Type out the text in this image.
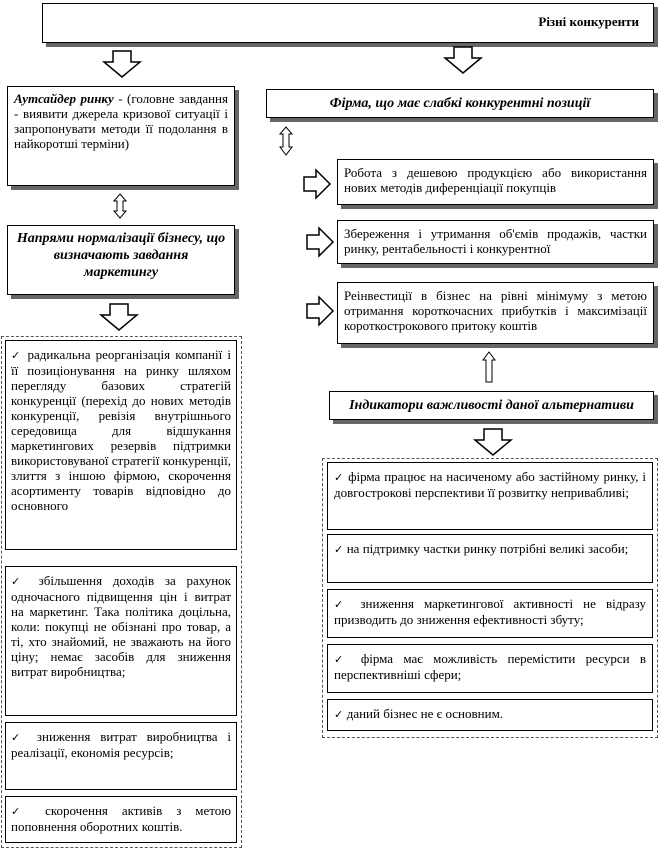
Різні конкуренти
Аутсайдер ринку - (головне завдання - виявити джерела кризової ситуації і запропонувати методи її подолання в найкоротші терміни)
Напрями нормалізації бізнесу, що визначають завдання маркетингу
✓ радикальна реорганізація компанії і її позиціонування на ринку шляхом перегляду базових стратегій конкуренції (перехід до нових методів конкуренції, ревізія внутрішнього середовища для відшукання маркетингових резервів підтримки використовуваної стратегії конкуренції, злиття з іншою фірмою, скорочення асортименту товарів відповідно до основного
✓ збільшення доходів за рахунок одночасного підвищення цін і витрат на маркетинг. Така політика доцільна, коли: покупці не обізнані про товар, а ті, хто знайомий, не зважають на його ціну; немає засобів для зниження витрат виробництва;
✓ зниження витрат виробництва і реалізації, економія ресурсів;
✓ скорочення активів з метою поповнення оборотних коштів.
Фірма, що має слабкі конкурентні позиції
Робота з дешевою продукцією або використання нових методів диференціації покупців
Збереження і утримання об'ємів продажів, частки ринку, рентабельності і конкурентної
Реінвестиції в бізнес на рівні мінімуму з метою отримання короткочасних прибутків і максимізації короткострокового притоку коштів
Індикатори важливості даної альтернативи
✓ фірма працює на насиченому або застійному ринку, і довгострокові перспективи її розвитку непривабливі;
✓ на підтримку частки ринку потрібні великі засоби;
✓ зниження маркетингової активності не відразу призводить до зниження ефективності збуту;
✓ фірма має можливість перемістити ресурси в перспективніші сфери;
✓ даний бізнес не є основним.
